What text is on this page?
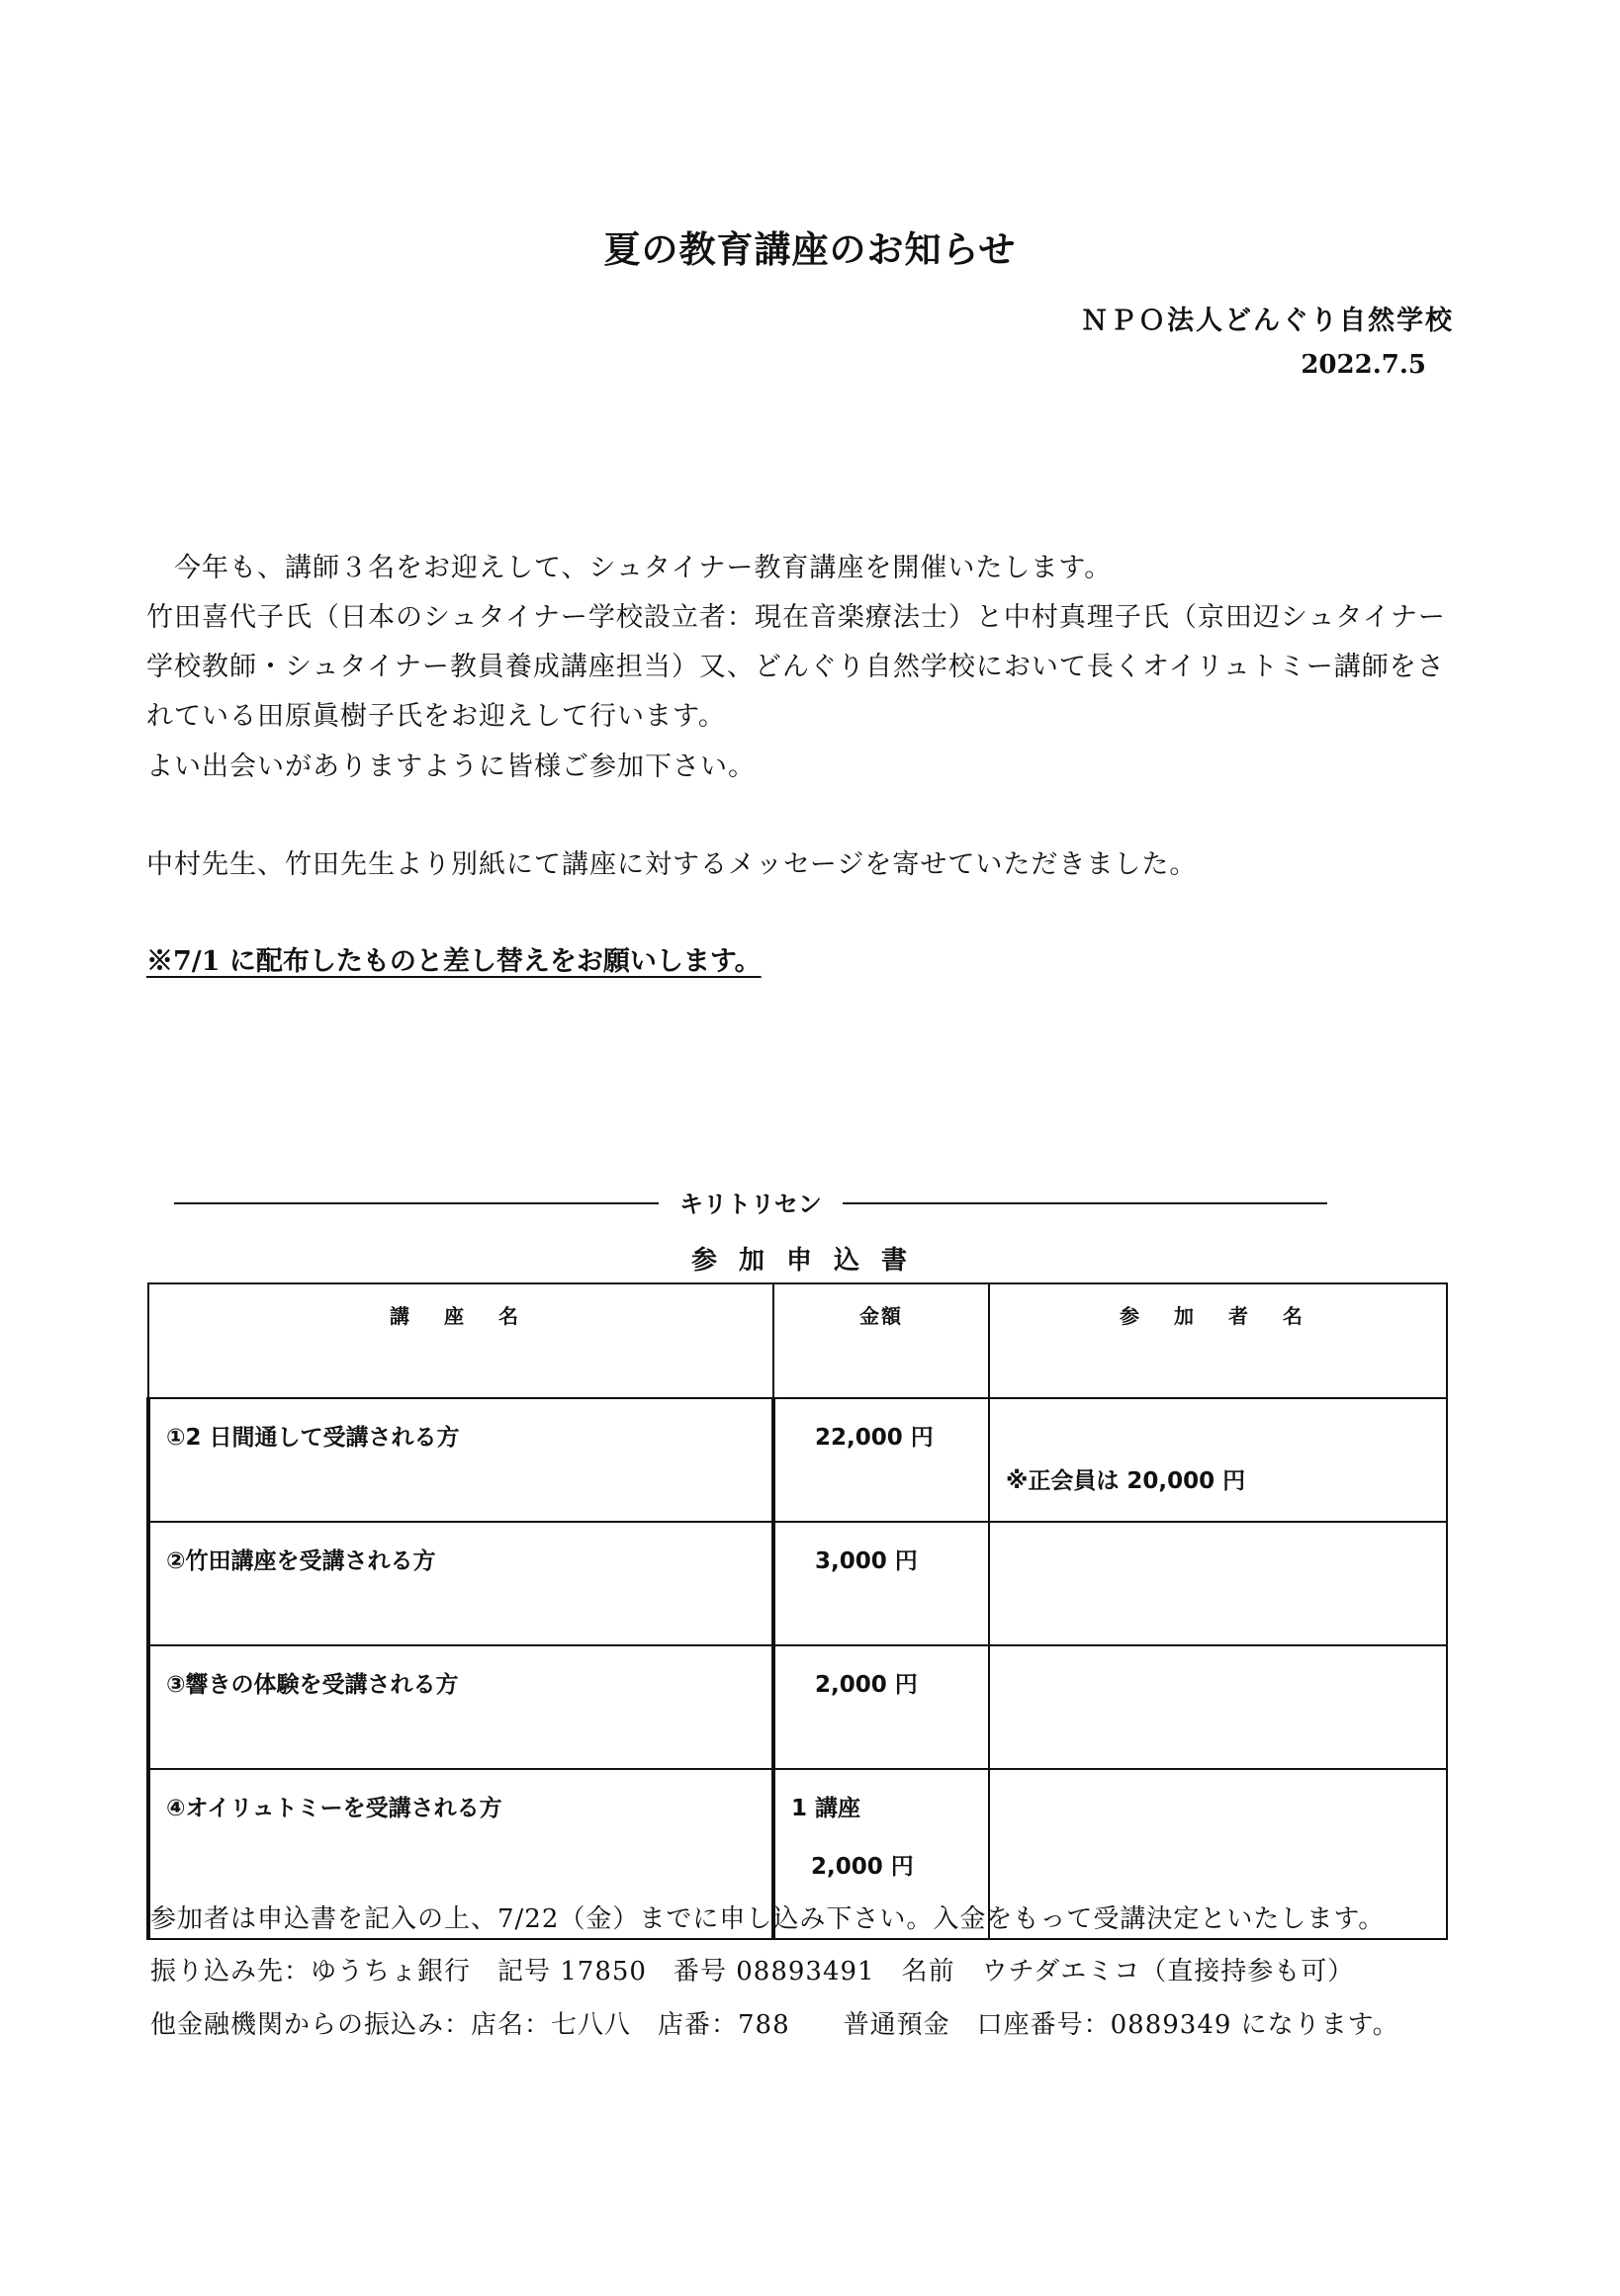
夏の教育講座のお知らせ
ＮＰＯ法人どんぐり自然学校
2022.7.5
　今年も、講師３名をお迎えして、シュタイナー教育講座を開催いたします。
竹田喜代子氏（日本のシュタイナー学校設立者：現在音楽療法士）と中村真理子氏（京田辺シュタイナー
学校教師・シュタイナー教員養成講座担当）又、どんぐり自然学校において長くオイリュトミー講師をさ
れている田原眞樹子氏をお迎えして行います。
よい出会いがありますように皆様ご参加下さい。
中村先生、竹田先生より別紙にて講座に対するメッセージを寄せていただきました。
※7/1 に配布したものと差し替えをお願いします。
キリトリセン
参加申込書
講 座 名	金額	参 加 者 名
①2 日間通して受講される方	22,000 円	※正会員は 20,000 円

②竹田講座を受講される方	3,000 円	
③響きの体験を受講される方	2,000 円	
④オイリュトミーを受講される方	1 講座
2,000 円	

参加者は申込書を記入の上、7/22（金）までに申し込み下さい。入金をもって受講決定といたします。
振り込み先：ゆうちょ銀行　記号 17850　番号 08893491　名前　ウチダエミコ（直接持参も可）
他金融機関からの振込み：店名：七八八　店番：788　　普通預金　口座番号：0889349 になります。
